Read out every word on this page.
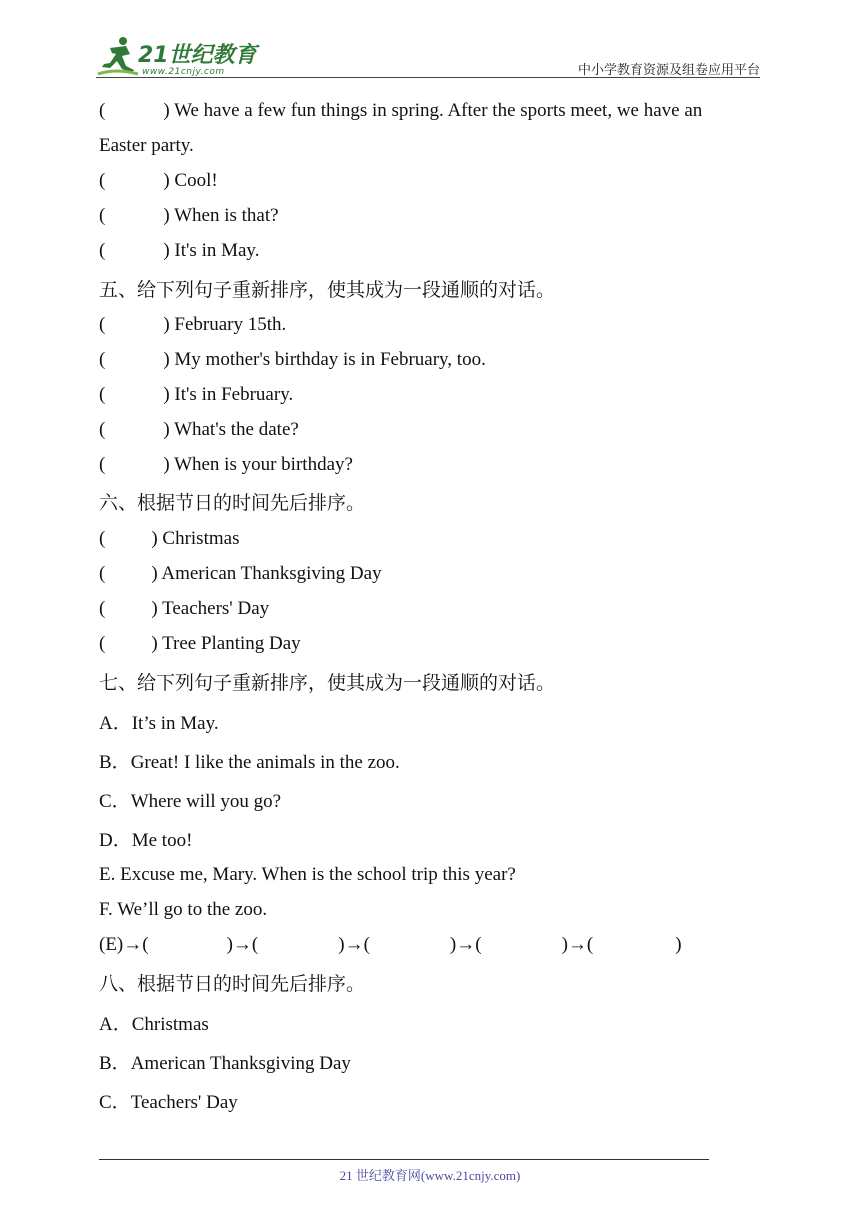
21世纪教育
www.21cnjy.com	中小学教育资源及组卷应用平台
(	) We have a few fun things in spring. After the sports meet, we have an
Easter party.
(	) Cool!
(	) When is that?
(	) It's in May.
五、给下列句子重新排序，使其成为一段通顺的对话。
(	) February 15th.
(	) My mother's birthday is in February, too.
(	) It's in February.
(	) What's the date?
(	) When is your birthday?
六、根据节日的时间先后排序。
( ) Christmas
( ) American Thanksgiving Day
( ) Teachers' Day
( ) Tree Planting Day
七、给下列句子重新排序，使其成为一段通顺的对话。
A．It’s in May.
B．Great! I like the animals in the zoo.
C．Where will you go?
D．Me too!
E. Excuse me, Mary. When is the school trip this year?
F. We’ll go to the zoo.
(E)→(	)→(	)→(	)→(	)→(	)
八、根据节日的时间先后排序。
A．Christmas
B．American Thanksgiving Day
C．Teachers' Day
21 世纪教育网(www.21cnjy.com)
